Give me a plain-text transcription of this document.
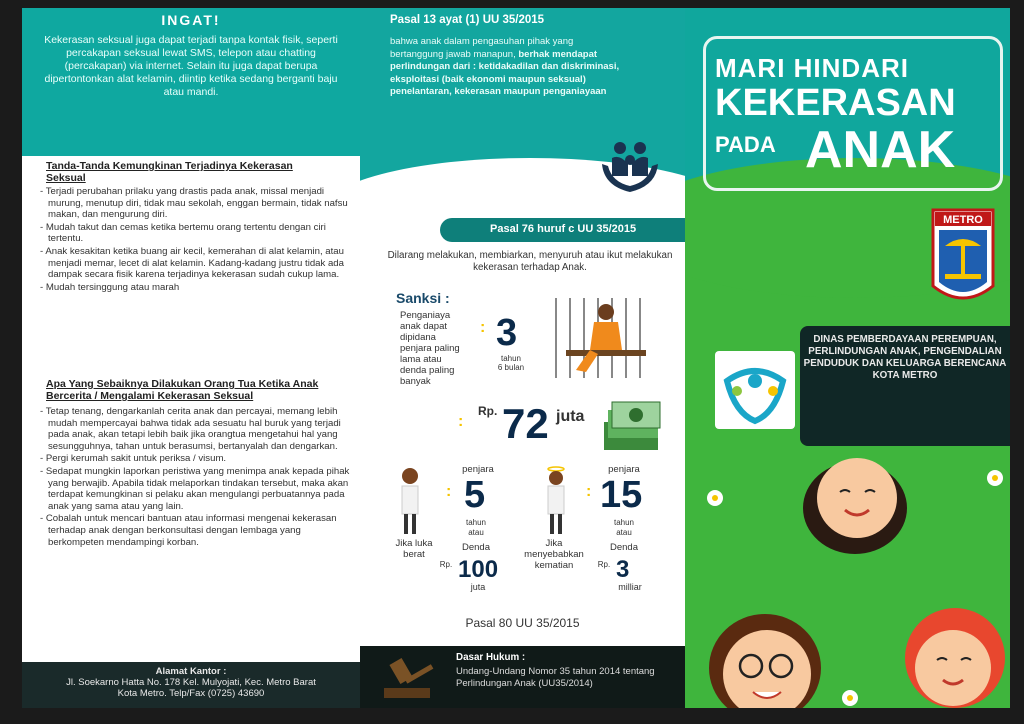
INGAT!
Kekerasan seksual juga dapat terjadi tanpa kontak fisik, seperti percakapan seksual lewat SMS, telepon atau chatting (percakapan) via internet. Selain itu juga dapat berupa dipertontonkan alat kelamin, diintip ketika sedang berganti baju atau mandi.
Tanda-Tanda Kemungkinan Terjadinya Kekerasan Seksual
- Terjadi perubahan prilaku yang drastis pada anak, missal menjadi murung, menutup diri, tidak mau sekolah, enggan bermain, tidak nafsu makan, dan mengurung diri.
- Mudah takut dan cemas ketika bertemu orang tertentu dengan ciri tertentu.
- Anak kesakitan ketika buang air kecil, kemerahan di alat kelamin, atau menjadi memar, lecet di alat kelamin. Kadang-kadang justru tidak ada dampak secara fisik karena terjadinya kekerasan sudah cukup lama.
- Mudah tersinggung atau marah
Apa Yang Sebaiknya Dilakukan Orang Tua Ketika Anak Bercerita / Mengalami Kekerasan Seksual
- Tetap tenang, dengarkanlah cerita anak dan percayai, memang lebih mudah mempercayai bahwa tidak ada sesuatu hal buruk yang terjadi pada anak, akan tetapi lebih baik jika orangtua mengetahui hal yang sesungguhnya, tahan untuk berasumsi, bertanyalah dan dengarkan.
- Pergi kerumah sakit untuk periksa / visum.
- Sedapat mungkin laporkan peristiwa yang menimpa anak kepada pihak yang berwajib. Apabila tidak melaporkan tindakan tersebut, maka akan terdapat kemungkinan si pelaku akan mengulangi perbuatannya pada anak yang sama atau yang lain.
- Cobalah untuk mencari bantuan atau informasi mengenai kekerasan terhadap anak dengan berkonsultasi dengan lembaga yang berkompeten mendampingi korban.
Alamat Kantor :
Jl. Soekarno Hatta No. 178 Kel. Mulyojati, Kec. Metro Barat
Kota Metro. Telp/Fax (0725) 43690
Pasal 13 ayat (1) UU 35/2015
bahwa anak dalam pengasuhan pihak yang bertanggung jawab manapun, berhak mendapat perlindungan dari : ketidakadilan dan diskriminasi, eksploitasi (baik ekonomi maupun seksual) penelantaran, kekerasan maupun penganiayaan
Pasal 76 huruf c UU 35/2015
Dilarang melakukan, membiarkan, menyuruh atau ikut melakukan kekerasan terhadap Anak.
Sanksi :
Penganiaya anak dapat dipidana penjara paling lama atau denda paling banyak
: 3
tahun
6 bulan
:
Rp. 72 juta
Jika luka berat
penjara
: 5
tahun
atau
Denda
Rp. 100
juta
Jika menyebabkan kematian
penjara
: 15
tahun
atau
Denda
Rp. 3
milliar
Pasal 80 UU 35/2015
Dasar Hukum :
Undang-Undang Nomor 35 tahun 2014 tentang Perlindungan Anak (UU35/2014)
MARI HINDARI
KEKERASAN
PADA ANAK
METRO
DINAS PEMBERDAYAAN PEREMPUAN, PERLINDUNGAN ANAK, PENGENDALIAN PENDUDUK DAN KELUARGA BERENCANA KOTA METRO
